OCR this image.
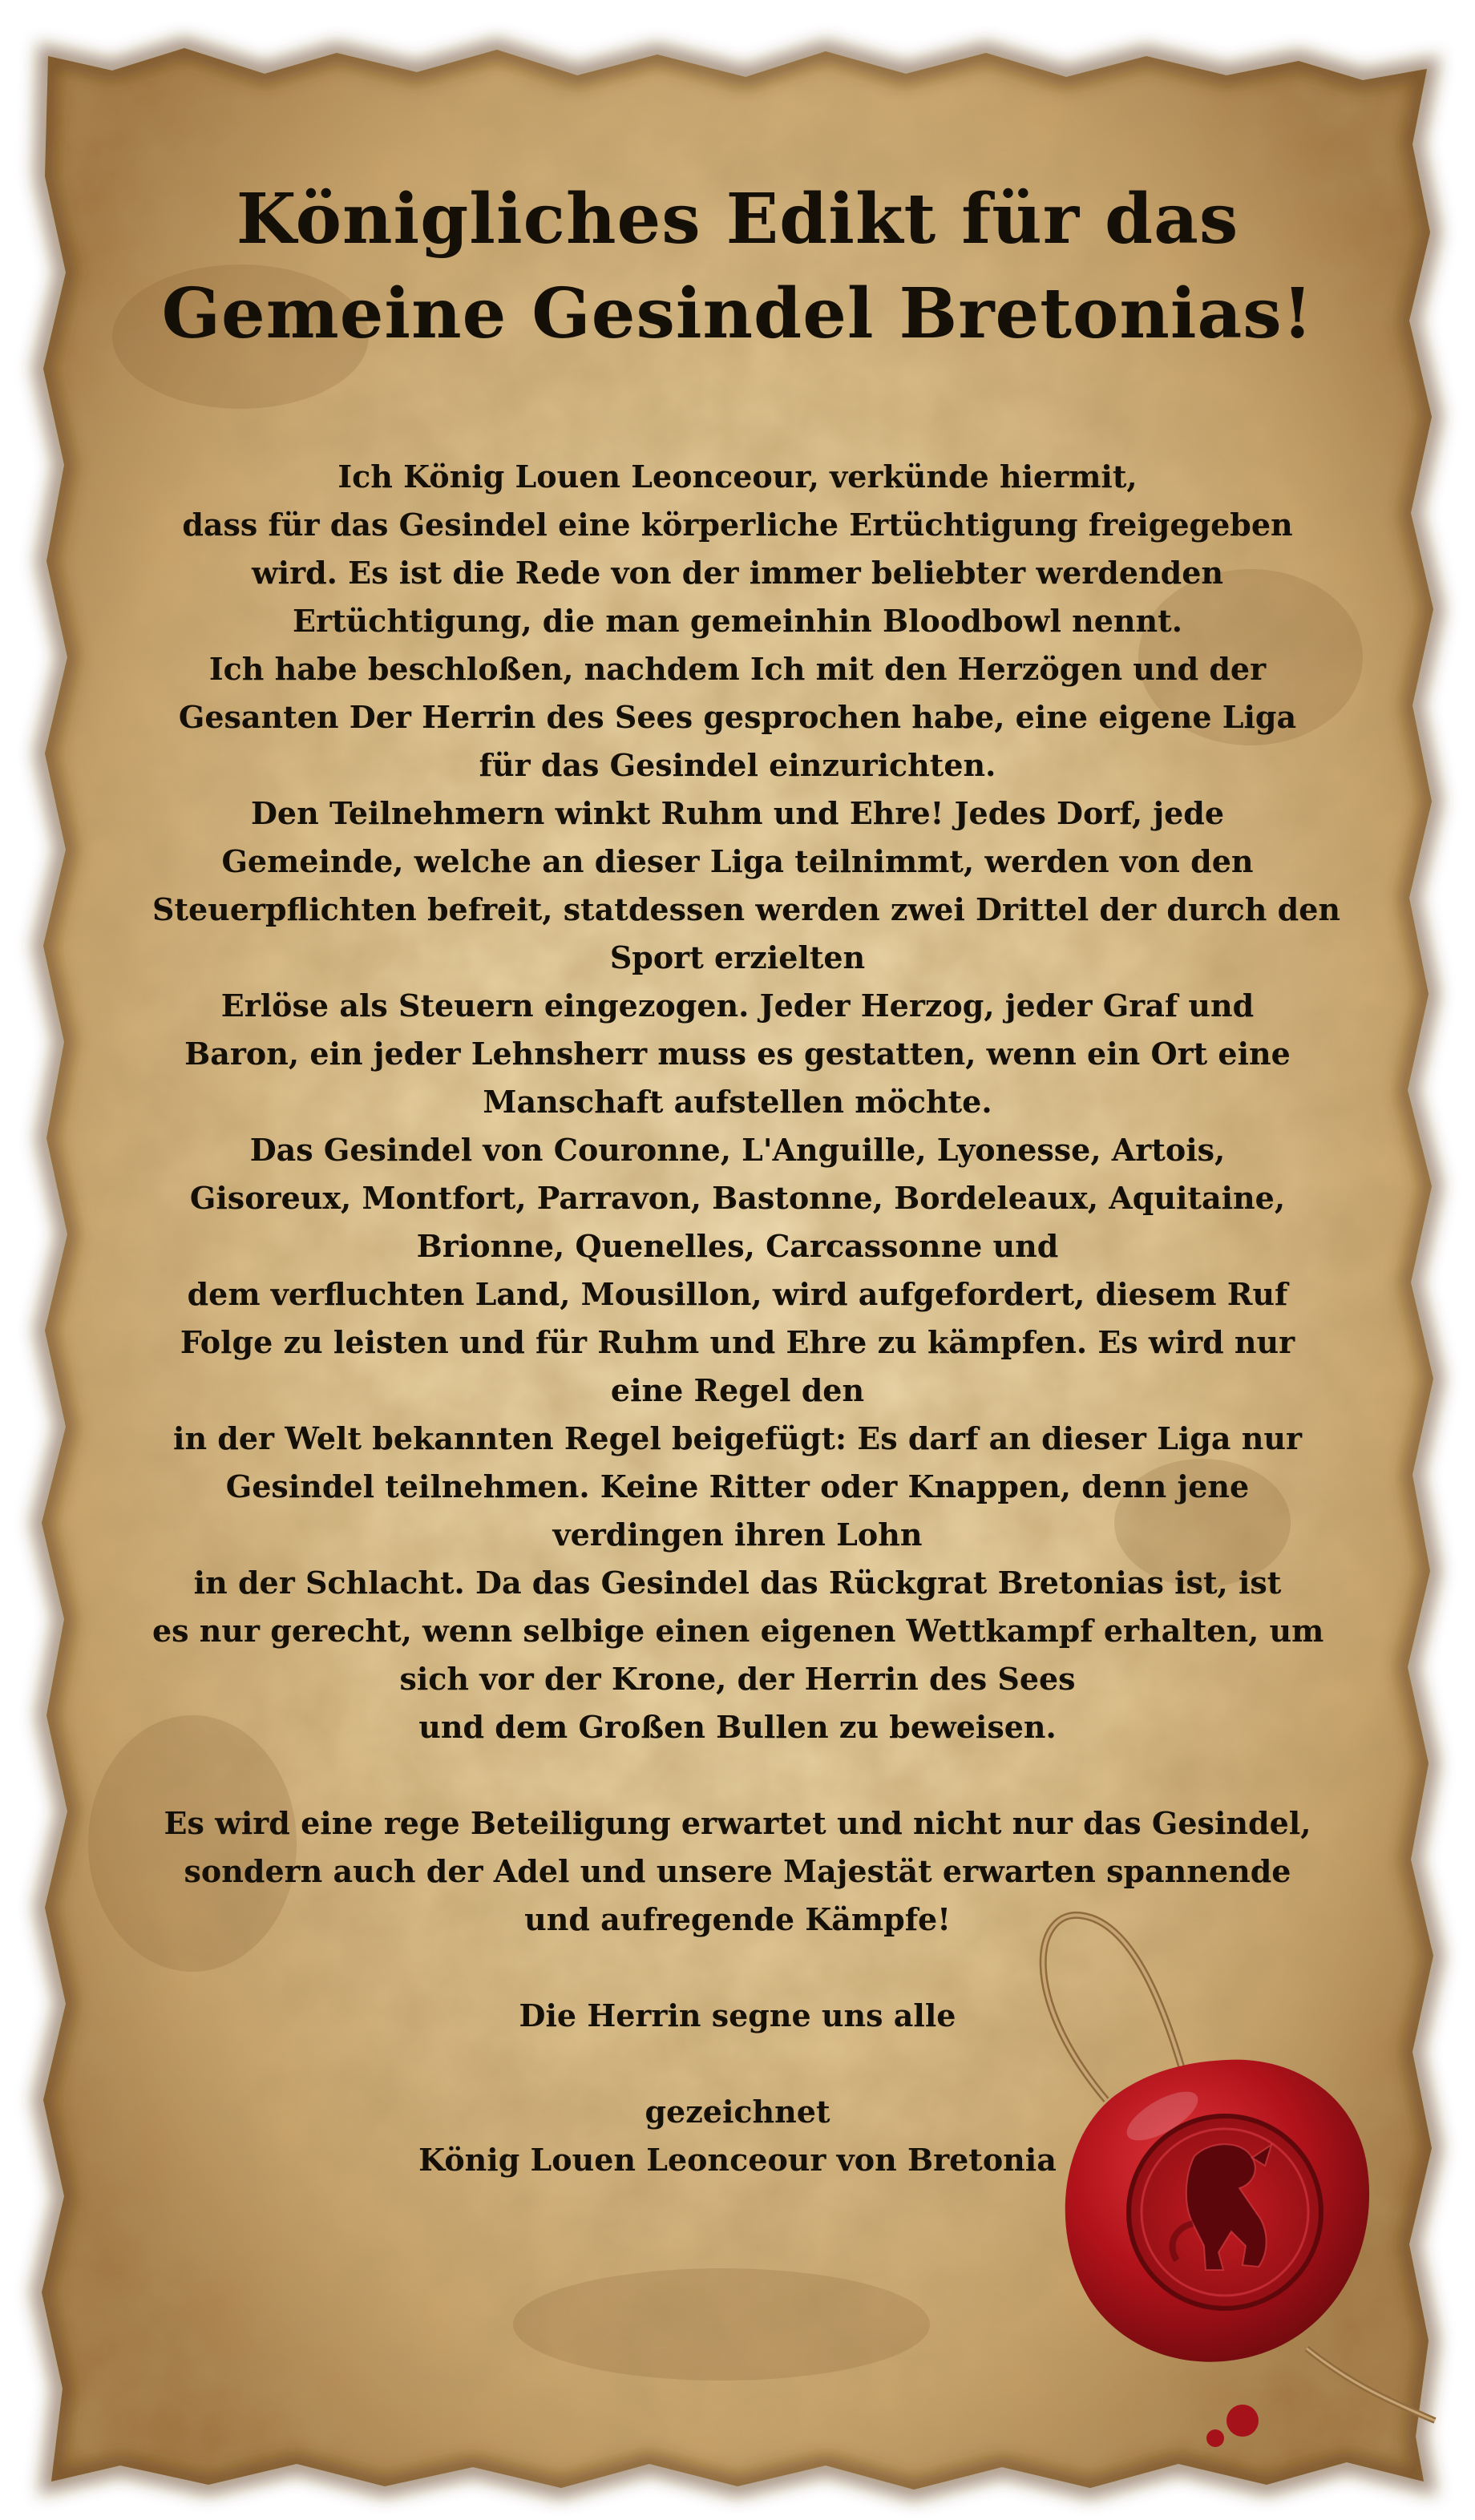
Königliches Edikt für das
Gemeine Gesindel Bretonias!
Ich König Louen Leonceour, verkünde hiermit,
dass für das Gesindel eine körperliche Ertüchtigung freigegeben
wird. Es ist die Rede von der immer beliebter werdenden
Ertüchtigung, die man gemeinhin Bloodbowl nennt.
Ich habe beschloßen, nachdem Ich mit den Herzögen und der
Gesanten Der Herrin des Sees gesprochen habe, eine eigene Liga
für das Gesindel einzurichten.
Den Teilnehmern winkt Ruhm und Ehre! Jedes Dorf, jede
Gemeinde, welche an dieser Liga teilnimmt, werden von den
Steuerpflichten befreit, statdessen werden zwei Drittel der durch den
Sport erzielten
Erlöse als Steuern eingezogen. Jeder Herzog, jeder Graf und
Baron, ein jeder Lehnsherr muss es gestatten, wenn ein Ort eine
Manschaft aufstellen möchte.
Das Gesindel von Couronne, L'Anguille, Lyonesse, Artois,
Gisoreux, Montfort, Parravon, Bastonne, Bordeleaux, Aquitaine,
Brionne, Quenelles, Carcassonne und
dem verfluchten Land, Mousillon, wird aufgefordert, diesem Ruf
Folge zu leisten und für Ruhm und Ehre zu kämpfen. Es wird nur
eine Regel den
in der Welt bekannten Regel beigefügt: Es darf an dieser Liga nur
Gesindel teilnehmen. Keine Ritter oder Knappen, denn jene
verdingen ihren Lohn
in der Schlacht. Da das Gesindel das Rückgrat Bretonias ist, ist
es nur gerecht, wenn selbige einen eigenen Wettkampf erhalten, um
sich vor der Krone, der Herrin des Sees
und dem Großen Bullen zu beweisen.
Es wird eine rege Beteiligung erwartet und nicht nur das Gesindel,
sondern auch der Adel und unsere Majestät erwarten spannende
und aufregende Kämpfe!
Die Herrin segne uns alle
gezeichnet
König Louen Leonceour von Bretonia
